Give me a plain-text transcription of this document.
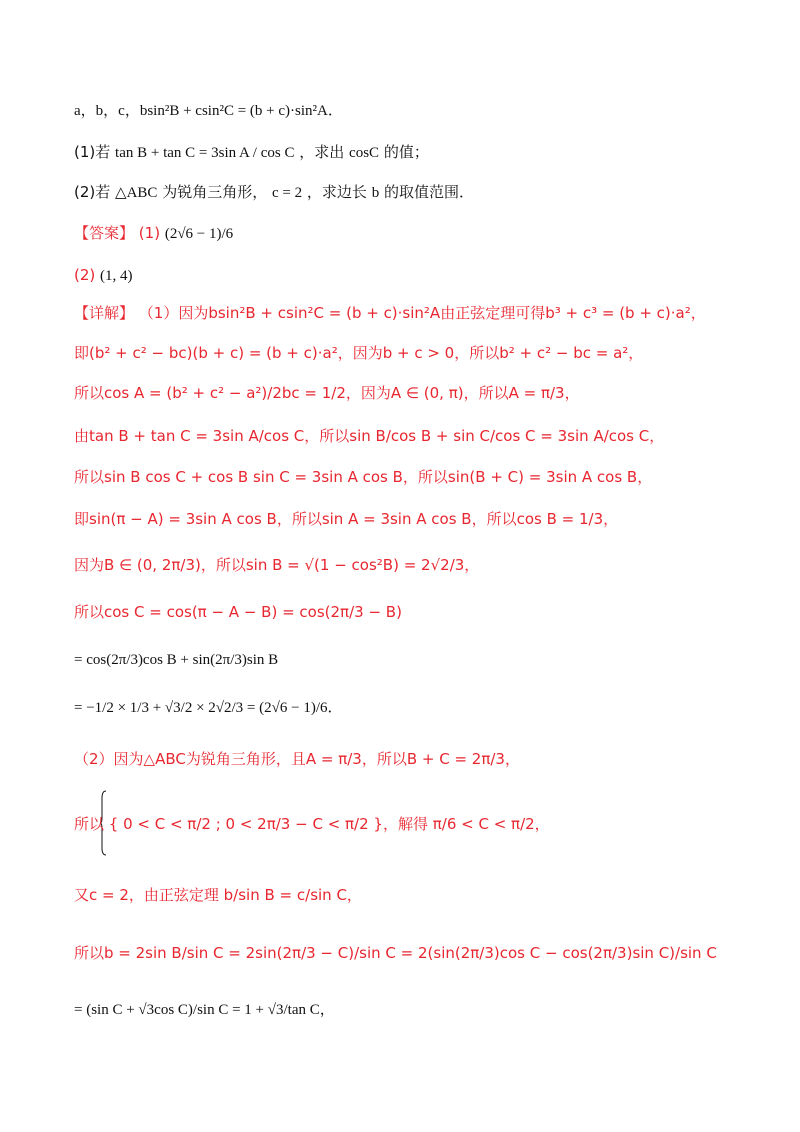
a，b，c，bsin²B + csin²C = (b + c)·sin²A．
(1)若 tan B + tan C = 3sin A / cos C ，求出 cosC 的值；
(2)若 △ABC 为锐角三角形， c = 2 ，求边长 b 的取值范围．
【答案】 (1) (2√6 − 1)/6
(2) (1, 4)
【详解】 （1）因为bsin²B + csin²C = (b + c)·sin²A由正弦定理可得b³ + c³ = (b + c)·a²，
即(b² + c² − bc)(b + c) = (b + c)·a²，因为b + c > 0，所以b² + c² − bc = a²，
所以cos A = (b² + c² − a²)/2bc = 1/2，因为A ∈ (0, π)，所以A = π/3，
由tan B + tan C = 3sin A/cos C，所以sin B/cos B + sin C/cos C = 3sin A/cos C，
所以sin B cos C + cos B sin C = 3sin A cos B，所以sin(B + C) = 3sin A cos B，
即sin(π − A) = 3sin A cos B，所以sin A = 3sin A cos B，所以cos B = 1/3，
因为B ∈ (0, 2π/3)，所以sin B = √(1 − cos²B) = 2√2/3，
所以cos C = cos(π − A − B) = cos(2π/3 − B)
= cos(2π/3)cos B + sin(2π/3)sin B
= −1/2 × 1/3 + √3/2 × 2√2/3 = (2√6 − 1)/6．
（2）因为△ABC为锐角三角形，且A = π/3，所以B + C = 2π/3，
所以 { 0 < C < π/2 ; 0 < 2π/3 − C < π/2 }，解得 π/6 < C < π/2，
又c = 2，由正弦定理 b/sin B = c/sin C，
所以b = 2sin B/sin C = 2sin(2π/3 − C)/sin C = 2(sin(2π/3)cos C − cos(2π/3)sin C)/sin C
= (sin C + √3cos C)/sin C = 1 + √3/tan C，
